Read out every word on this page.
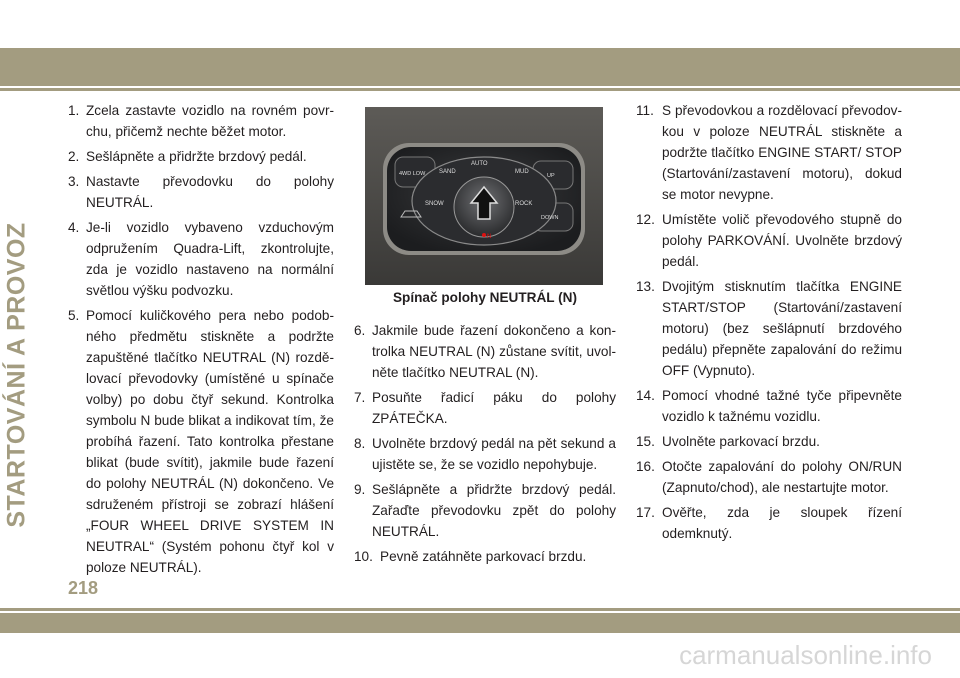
STARTOVÁNÍ A PROVOZ
1. Zcela zastavte vozidlo na rovném povr-chu, přičemž nechte běžet motor.
2. Sešlápněte a přidržte brzdový pedál.
3. Nastavte převodovku do polohy NEUTRÁL.
4. Je-li vozidlo vybaveno vzduchovým odpružením Quadra-Lift, zkontrolujte, zda je vozidlo nastaveno na normální světlou výšku podvozku.
5. Pomocí kuličkového pera nebo podob-ného předmětu stiskněte a podržte zapuštěné tlačítko NEUTRAL (N) rozdě-lovací převodovky (umístěné u spínače volby) po dobu čtyř sekund. Kontrolka symbolu N bude blikat a indikovat tím, že probíhá řazení. Tato kontrolka přestane blikat (bude svítit), jakmile bude řazení do polohy NEUTRÁL (N) dokončeno. Ve sdruženém přístroji se zobrazí hlášení „FOUR WHEEL DRIVE SYSTEM IN NEUTRAL“ (Systém pohonu čtyř kol v poloze NEUTRÁL).
AUTO
SAND	MUD
SNOW	ROCK
4WD LOW	UP
DOWN
N
Spínač polohy NEUTRÁL (N)
6. Jakmile bude řazení dokončeno a kon-trolka NEUTRAL (N) zůstane svítit, uvol-něte tlačítko NEUTRAL (N).
7. Posuňte řadicí páku do polohy ZPÁTEČKA.
8. Uvolněte brzdový pedál na pět sekund a ujistěte se, že se vozidlo nepohybuje.
9. Sešlápněte a přidržte brzdový pedál. Zařaďte převodovku zpět do polohy NEUTRÁL.
10. Pevně zatáhněte parkovací brzdu.
11. S převodovkou a rozdělovací převodov-kou v poloze NEUTRÁL stiskněte a podržte tlačítko ENGINE START/ STOP (Startování/zastavení motoru), dokud se motor nevypne.
12. Umístěte volič převodového stupně do polohy PARKOVÁNÍ. Uvolněte brzdový pedál.
13. Dvojitým stisknutím tlačítka ENGINE START/STOP (Startování/zastavení motoru) (bez sešlápnutí brzdového pedálu) přepněte zapalování do režimu OFF (Vypnuto).
14. Pomocí vhodné tažné tyče připevněte vozidlo k tažnému vozidlu.
15. Uvolněte parkovací brzdu.
16. Otočte zapalování do polohy ON/RUN (Zapnuto/chod), ale nestartujte motor.
17. Ověřte, zda je sloupek řízení odemknutý.
218
carmanualsonline.info
